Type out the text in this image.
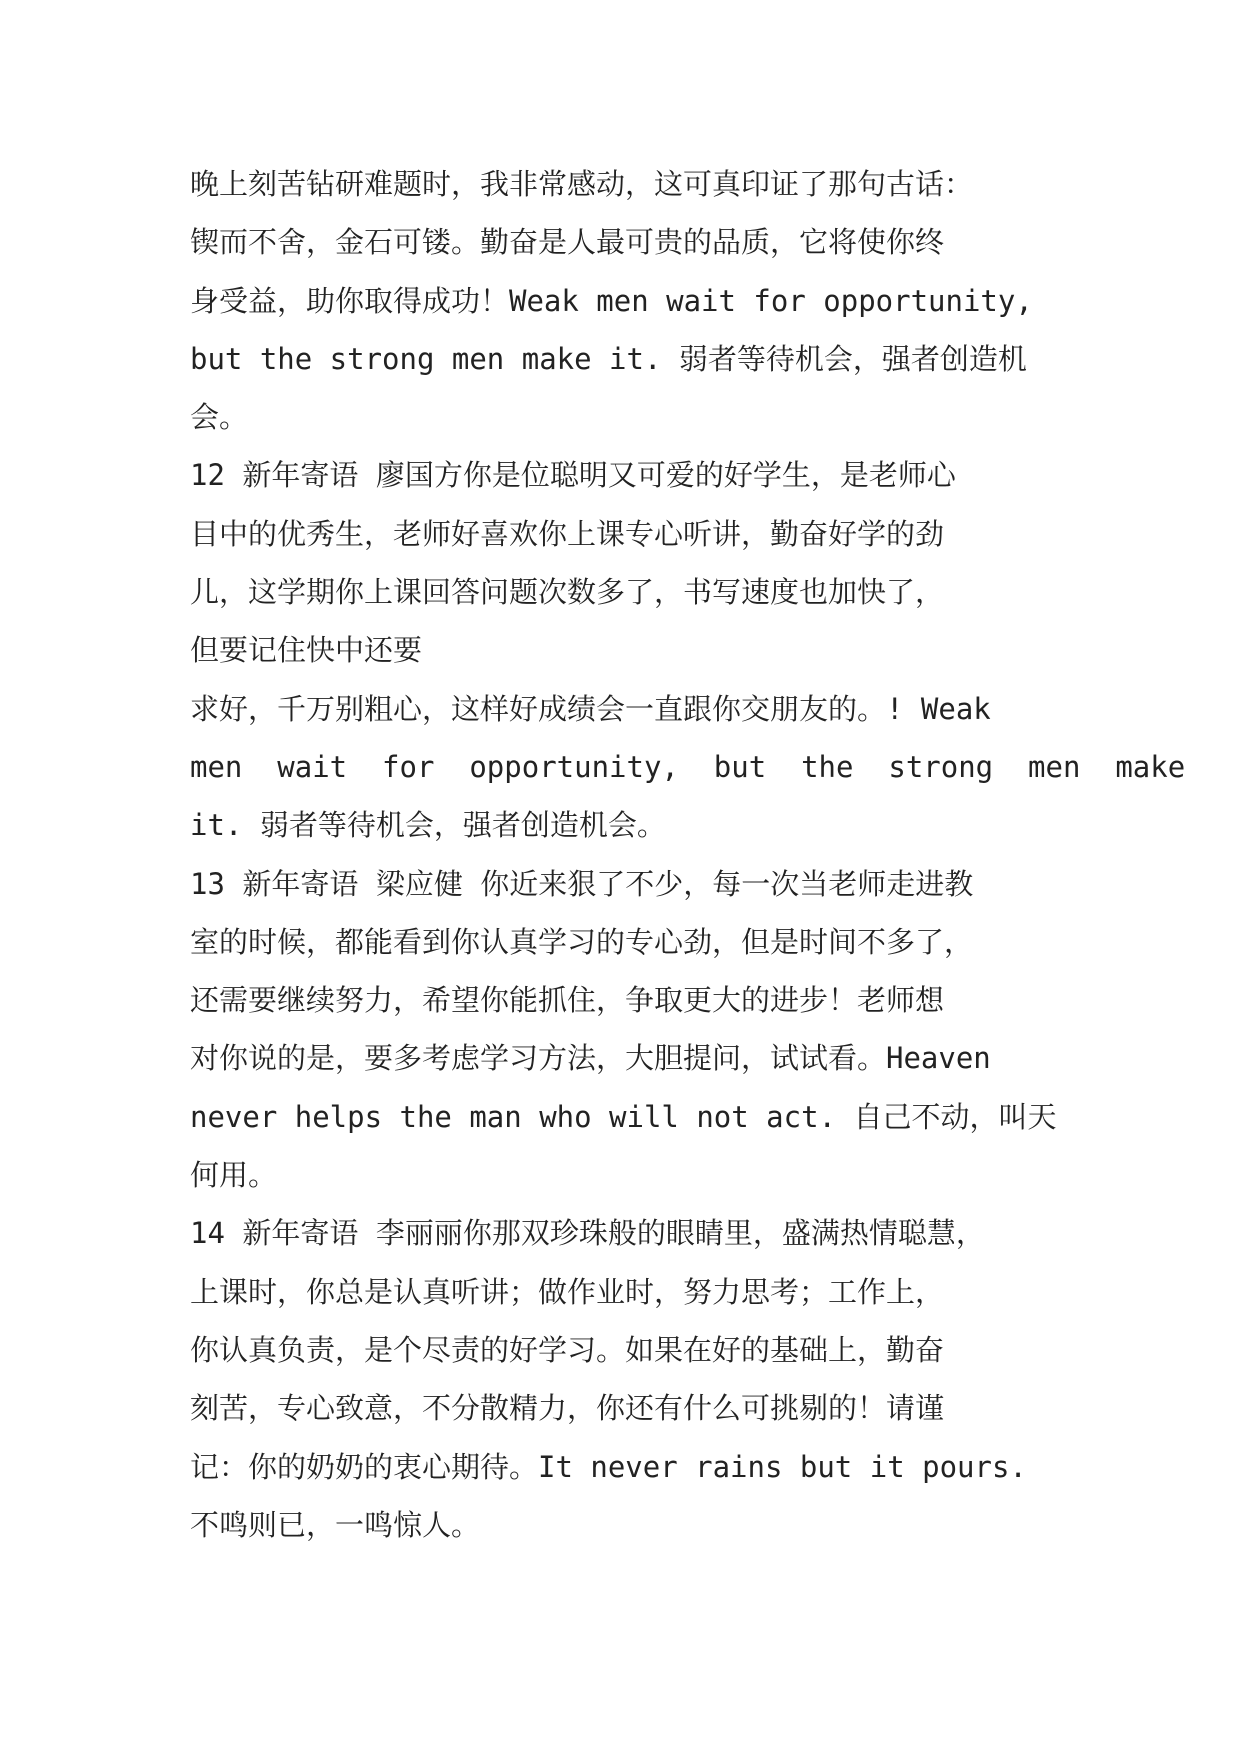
晚上刻苦钻研难题时，我非常感动，这可真印证了那句古话：
锲而不舍，金石可镂。勤奋是人最可贵的品质，它将使你终
身受益，助你取得成功！Weak men wait for opportunity,
but the strong men make it. 弱者等待机会，强者创造机
会。
12 新年寄语 廖国方你是位聪明又可爱的好学生，是老师心
目中的优秀生，老师好喜欢你上课专心听讲，勤奋好学的劲
儿，这学期你上课回答问题次数多了，书写速度也加快了，
但要记住快中还要
求好，千万别粗心，这样好成绩会一直跟你交朋友的。! Weak
men  wait  for  opportunity,  but  the  strong  men  make
it. 弱者等待机会，强者创造机会。
13 新年寄语 梁应健 你近来狠了不少，每一次当老师走进教
室的时候，都能看到你认真学习的专心劲，但是时间不多了，
还需要继续努力，希望你能抓住，争取更大的进步！老师想
对你说的是，要多考虑学习方法，大胆提问，试试看。Heaven
never helps the man who will not act. 自己不动，叫天
何用。
14 新年寄语 李丽丽你那双珍珠般的眼睛里，盛满热情聪慧，
上课时，你总是认真听讲；做作业时，努力思考；工作上，
你认真负责，是个尽责的好学习。如果在好的基础上，勤奋
刻苦，专心致意，不分散精力，你还有什么可挑剔的！请谨
记：你的奶奶的衷心期待。It never rains but it pours.
不鸣则已，一鸣惊人。
